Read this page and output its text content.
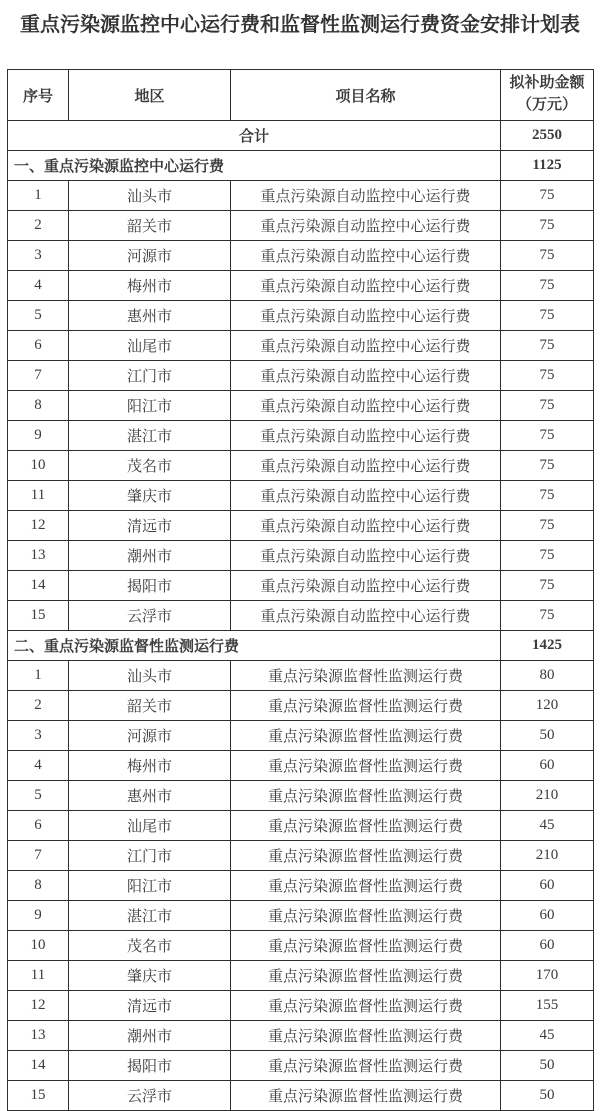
重点污染源监控中心运行费和监督性监测运行费资金安排计划表
序号	地区	项目名称	拟补助金额
（万元）

合计			2550
一、重点污染源监控中心运行费			1125
1	汕头市	重点污染源自动监控中心运行费	75
2	韶关市	重点污染源自动监控中心运行费	75
3	河源市	重点污染源自动监控中心运行费	75
4	梅州市	重点污染源自动监控中心运行费	75
5	惠州市	重点污染源自动监控中心运行费	75
6	汕尾市	重点污染源自动监控中心运行费	75
7	江门市	重点污染源自动监控中心运行费	75
8	阳江市	重点污染源自动监控中心运行费	75
9	湛江市	重点污染源自动监控中心运行费	75
10	茂名市	重点污染源自动监控中心运行费	75
11	肇庆市	重点污染源自动监控中心运行费	75
12	清远市	重点污染源自动监控中心运行费	75
13	潮州市	重点污染源自动监控中心运行费	75
14	揭阳市	重点污染源自动监控中心运行费	75
15	云浮市	重点污染源自动监控中心运行费	75
二、重点污染源监督性监测运行费			1425
1	汕头市	重点污染源监督性监测运行费	80
2	韶关市	重点污染源监督性监测运行费	120
3	河源市	重点污染源监督性监测运行费	50
4	梅州市	重点污染源监督性监测运行费	60
5	惠州市	重点污染源监督性监测运行费	210
6	汕尾市	重点污染源监督性监测运行费	45
7	江门市	重点污染源监督性监测运行费	210
8	阳江市	重点污染源监督性监测运行费	60
9	湛江市	重点污染源监督性监测运行费	60
10	茂名市	重点污染源监督性监测运行费	60
11	肇庆市	重点污染源监督性监测运行费	170
12	清远市	重点污染源监督性监测运行费	155
13	潮州市	重点污染源监督性监测运行费	45
14	揭阳市	重点污染源监督性监测运行费	50
15	云浮市	重点污染源监督性监测运行费	50
